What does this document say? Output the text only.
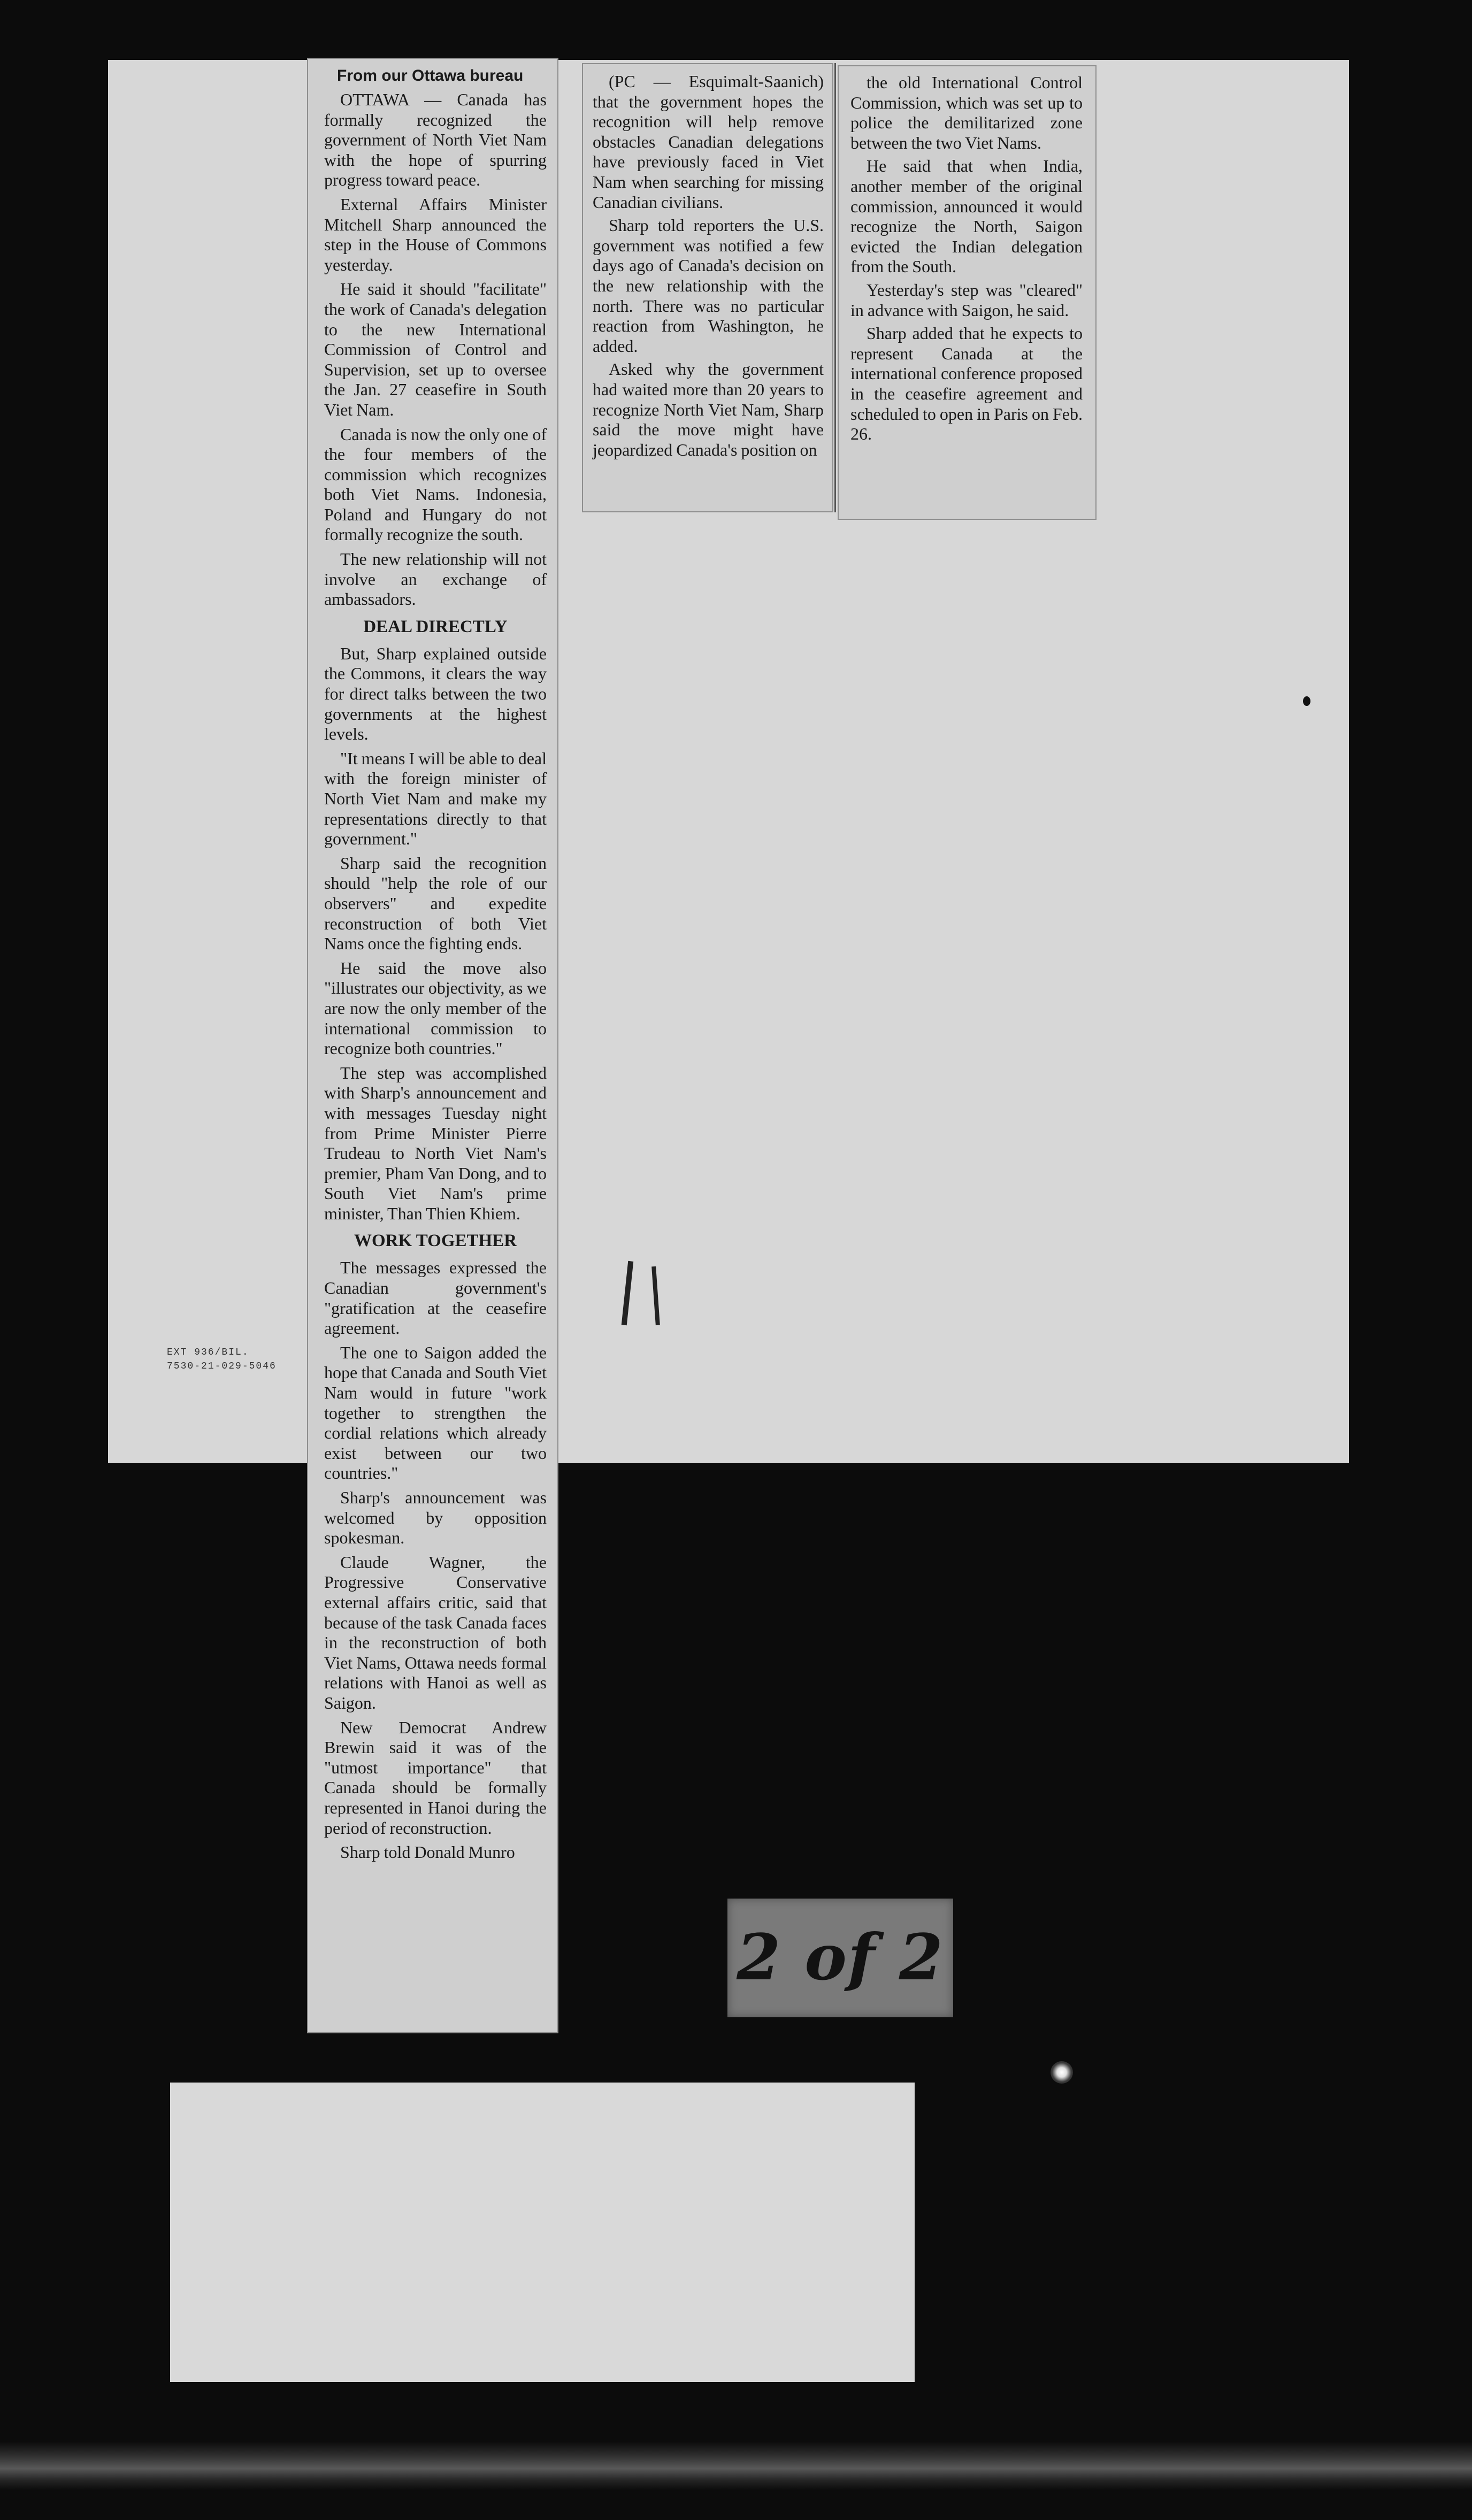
EXT 936/BIL.
7530-21-029-5046
From our Ottawa bureau

OTTAWA — Canada has formally recognized the government of North Viet Nam with the hope of spurring progress toward peace.

External Affairs Minister Mitchell Sharp announced the step in the House of Commons yesterday.

He said it should "facilitate" the work of Canada's delegation to the new International Commission of Control and Supervision, set up to oversee the Jan. 27 ceasefire in South Viet Nam.

Canada is now the only one of the four members of the commission which recognizes both Viet Nams. Indonesia, Poland and Hungary do not formally recognize the south.

The new relationship will not involve an exchange of ambassadors.

DEAL DIRECTLY

But, Sharp explained outside the Commons, it clears the way for direct talks between the two governments at the highest levels.

"It means I will be able to deal with the foreign minister of North Viet Nam and make my representations directly to that government."

Sharp said the recognition should "help the role of our observers" and expedite reconstruction of both Viet Nams once the fighting ends.

He said the move also "illustrates our objectivity, as we are now the only member of the international commission to recognize both countries."

The step was accomplished with Sharp's announcement and with messages Tuesday night from Prime Minister Pierre Trudeau to North Viet Nam's premier, Pham Van Dong, and to South Viet Nam's prime minister, Than Thien Khiem.

WORK TOGETHER

The messages expressed the Canadian government's "gratification at the ceasefire agreement.

The one to Saigon added the hope that Canada and South Viet Nam would in future "work together to strengthen the cordial relations which already exist between our two countries."

Sharp's announcement was welcomed by opposition spokesman.

Claude Wagner, the Progressive Conservative external affairs critic, said that because of the task Canada faces in the reconstruction of both Viet Nams, Ottawa needs formal relations with Hanoi as well as Saigon.

New Democrat Andrew Brewin said it was of the "utmost importance" that Canada should be formally represented in Hanoi during the period of reconstruction.

Sharp told Donald Munro

(PC — Esquimalt-Saanich) that the government hopes the recognition will help remove obstacles Canadian delegations have previously faced in Viet Nam when searching for missing Canadian civilians.

Sharp told reporters the U.S. government was notified a few days ago of Canada's decision on the new relationship with the north. There was no particular reaction from Washington, he added.

Asked why the government had waited more than 20 years to recognize North Viet Nam, Sharp said the move might have jeopardized Canada's position on

the old International Control Commission, which was set up to police the demilitarized zone between the two Viet Nams.

He said that when India, another member of the original commission, announced it would recognize the North, Saigon evicted the Indian delegation from the South.

Yesterday's step was "cleared" in advance with Saigon, he said.

Sharp added that he expects to represent Canada at the international conference proposed in the ceasefire agreement and scheduled to open in Paris on Feb. 26.

2 of 2
